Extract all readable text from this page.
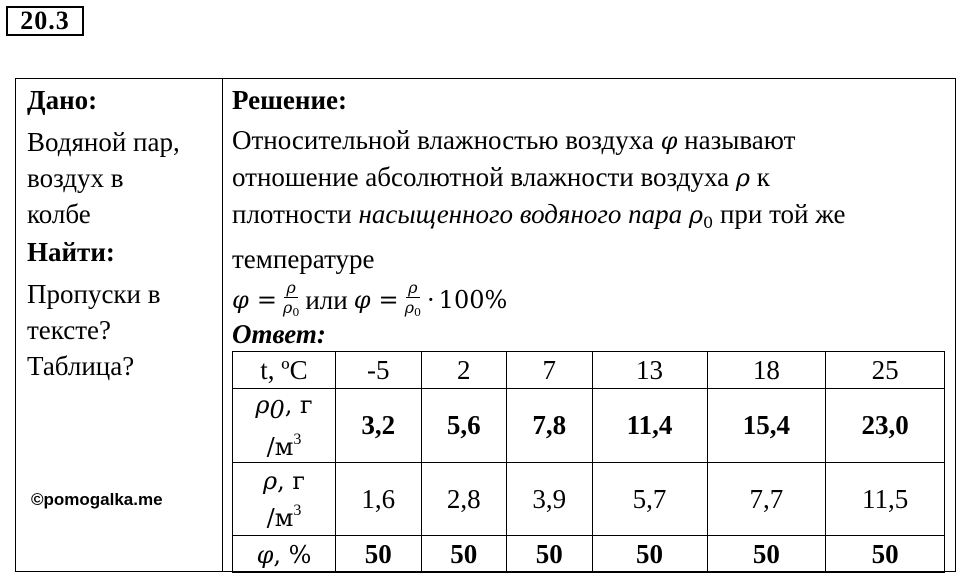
20.3
Дано:
Водяной пар,
воздух в
колбе
Найти:
Пропуски в
тексте?
Таблица?
©pomogalka.me
Решение:
Относительной влажностью воздуха φ называют
отношение абсолютной влажности воздуха ρ к
плотности насыщенного водяного пара $\rho_0$ при той же
температуре
$\varphi = \frac{\rho}{\rho 0}$ или $\varphi = \frac{\rho}{\rho 0} \cdot 100\%$
Ответ:
t, ºC	-5	2	7	13	18	25

ρ0, г
$/м^3$	3,2	5,6	7,8	11,4	15,4	23,0

ρ, г
$/м^3$	1,6	2,8	3,9	5,7	7,7	11,5
φ, %	50	50	50	50	50	50
